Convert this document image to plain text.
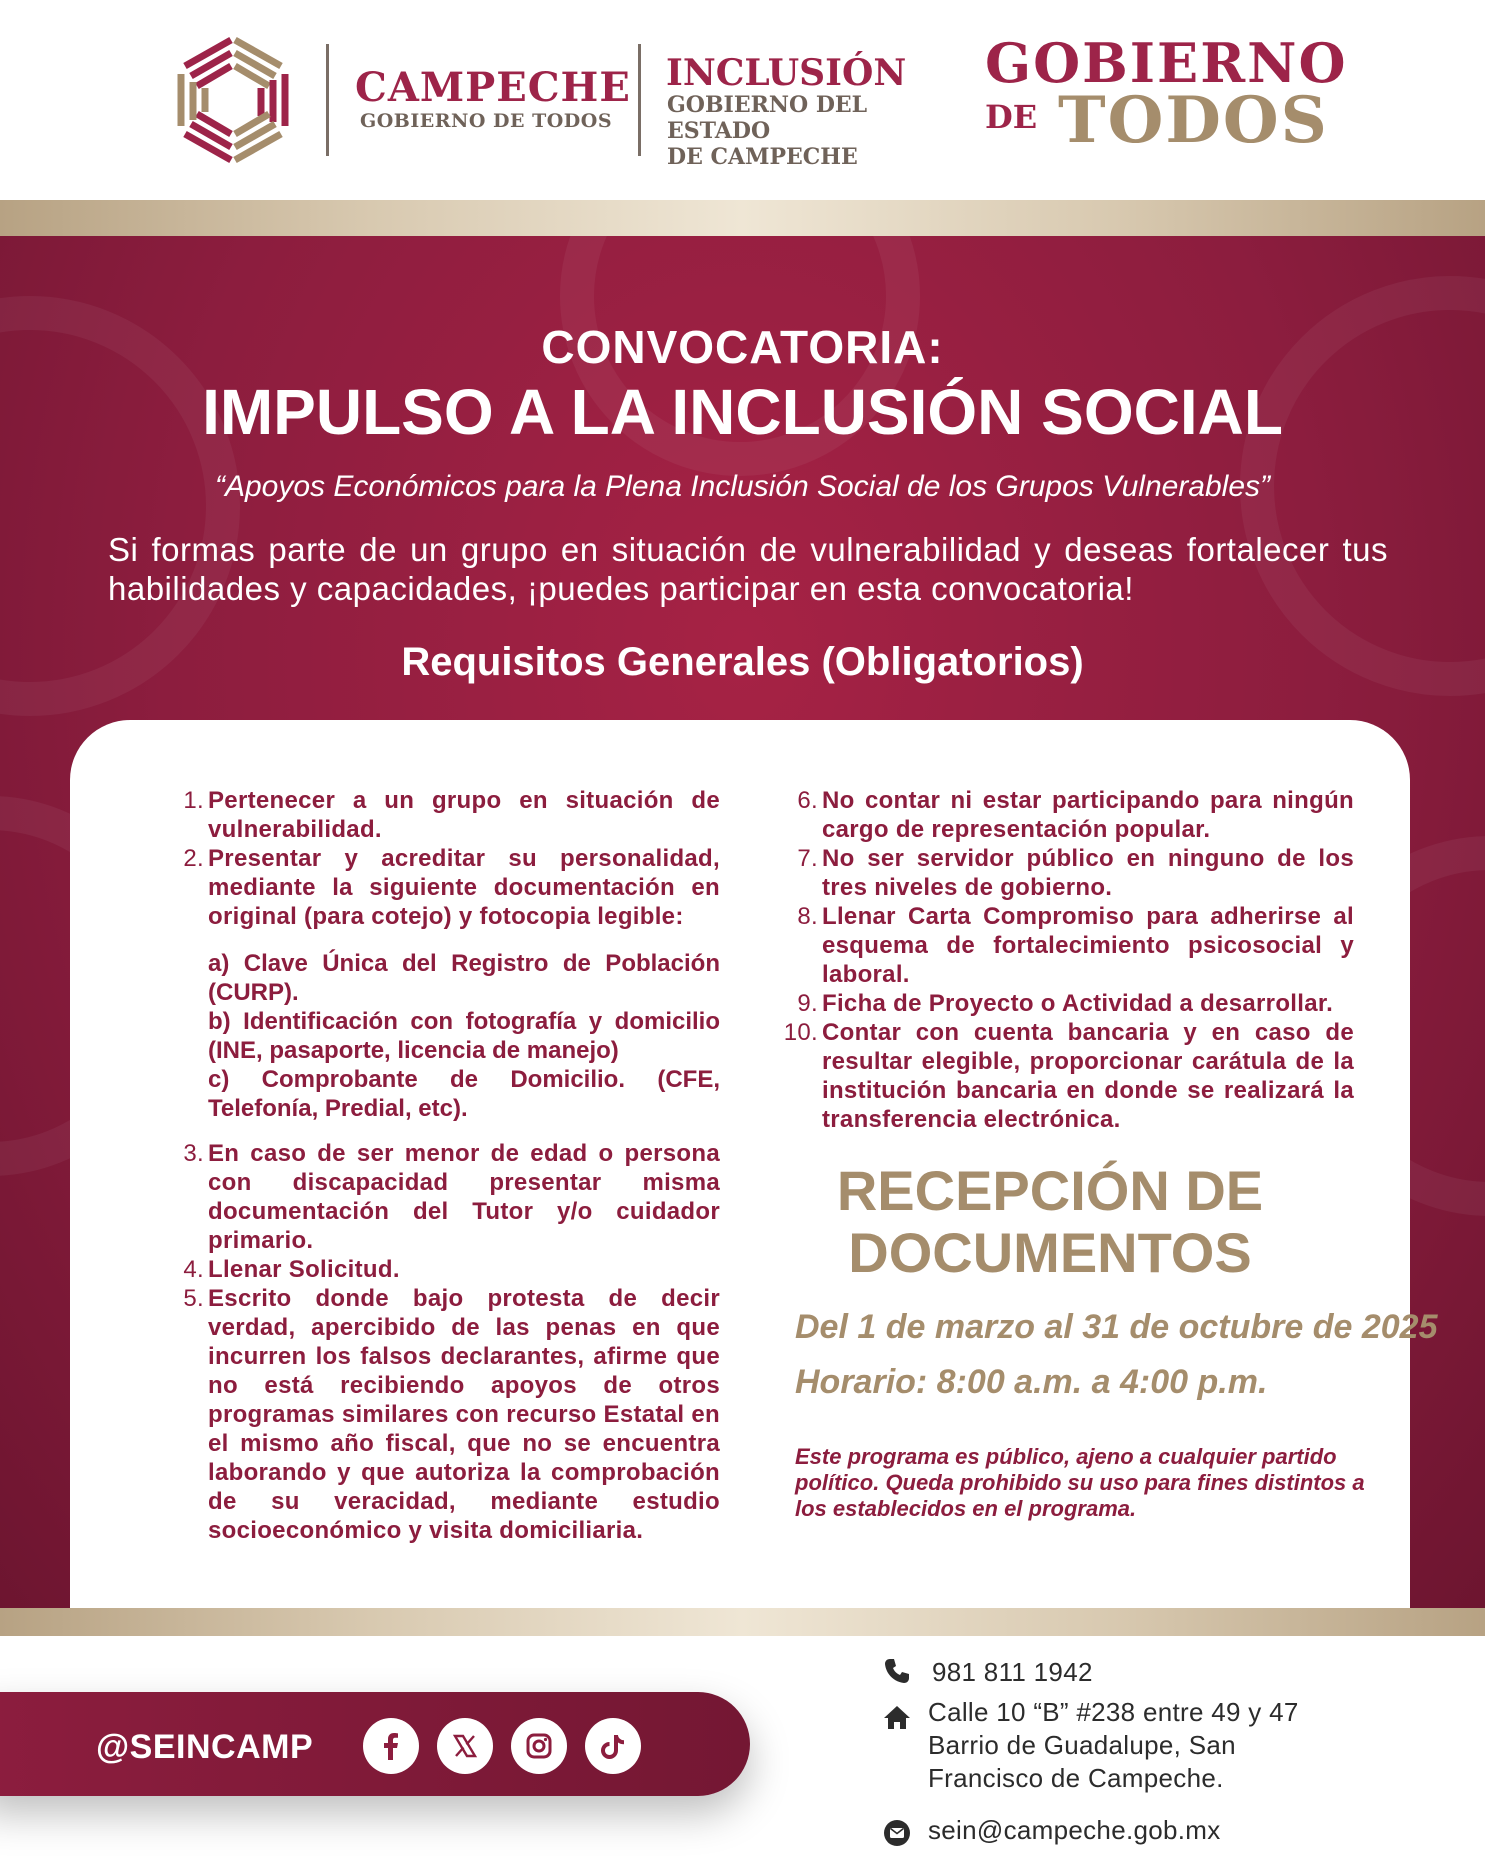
CAMPECHE
GOBIERNO DE TODOS
INCLUSIÓN
GOBIERNO DEL ESTADO
DE CAMPECHE
GOBIERNO
DE TODOS
CONVOCATORIA:
IMPULSO A LA INCLUSIÓN SOCIAL
“Apoyos Económicos para la Plena Inclusión Social de los Grupos Vulnerables”
Si formas parte de un grupo en situación de vulnerabilidad y deseas fortalecer tus habilidades y capacidades, ¡puedes participar en esta convocatoria!
Requisitos Generales (Obligatorios)
1. Pertenecer a un grupo en situación de vulnerabilidad.
2. Presentar y acreditar su personalidad, mediante la siguiente documentación en original (para cotejo) y fotocopia legible:
a) Clave Única del Registro de Población (CURP).
b) Identificación con fotografía y domicilio (INE, pasaporte, licencia de manejo)
c) Comprobante de Domicilio. (CFE, Telefonía, Predial, etc).
3. En caso de ser menor de edad o persona con discapacidad presentar misma documentación del Tutor y/o cuidador primario.
4. Llenar Solicitud.
5. Escrito donde bajo protesta de decir verdad, apercibido de las penas en que incurren los falsos declarantes, afirme que no está recibiendo apoyos de otros programas similares con recurso Estatal en el mismo año fiscal, que no se encuentra laborando y que autoriza la comprobación de su veracidad, mediante estudio socioeconómico y visita domiciliaria.
6. No contar ni estar participando para ningún cargo de representación popular.
7. No ser servidor público en ninguno de los tres niveles de gobierno.
8. Llenar Carta Compromiso para adherirse al esquema de fortalecimiento psicosocial y laboral.
9. Ficha de Proyecto o Actividad a desarrollar.
10. Contar con cuenta bancaria y en caso de resultar elegible, proporcionar carátula de la institución bancaria en donde se realizará la transferencia electrónica.
RECEPCIÓN DE
DOCUMENTOS
Del 1 de marzo al 31 de octubre de 2025
Horario: 8:00 a.m. a 4:00 p.m.
Este programa es público, ajeno a cualquier partido político. Queda prohibido su uso para fines distintos a los establecidos en el programa.
@SEINCAMP
981 811 1942
Calle 10 “B” #238 entre 49 y 47
Barrio de Guadalupe, San
Francisco de Campeche.
sein@campeche.gob.mx
